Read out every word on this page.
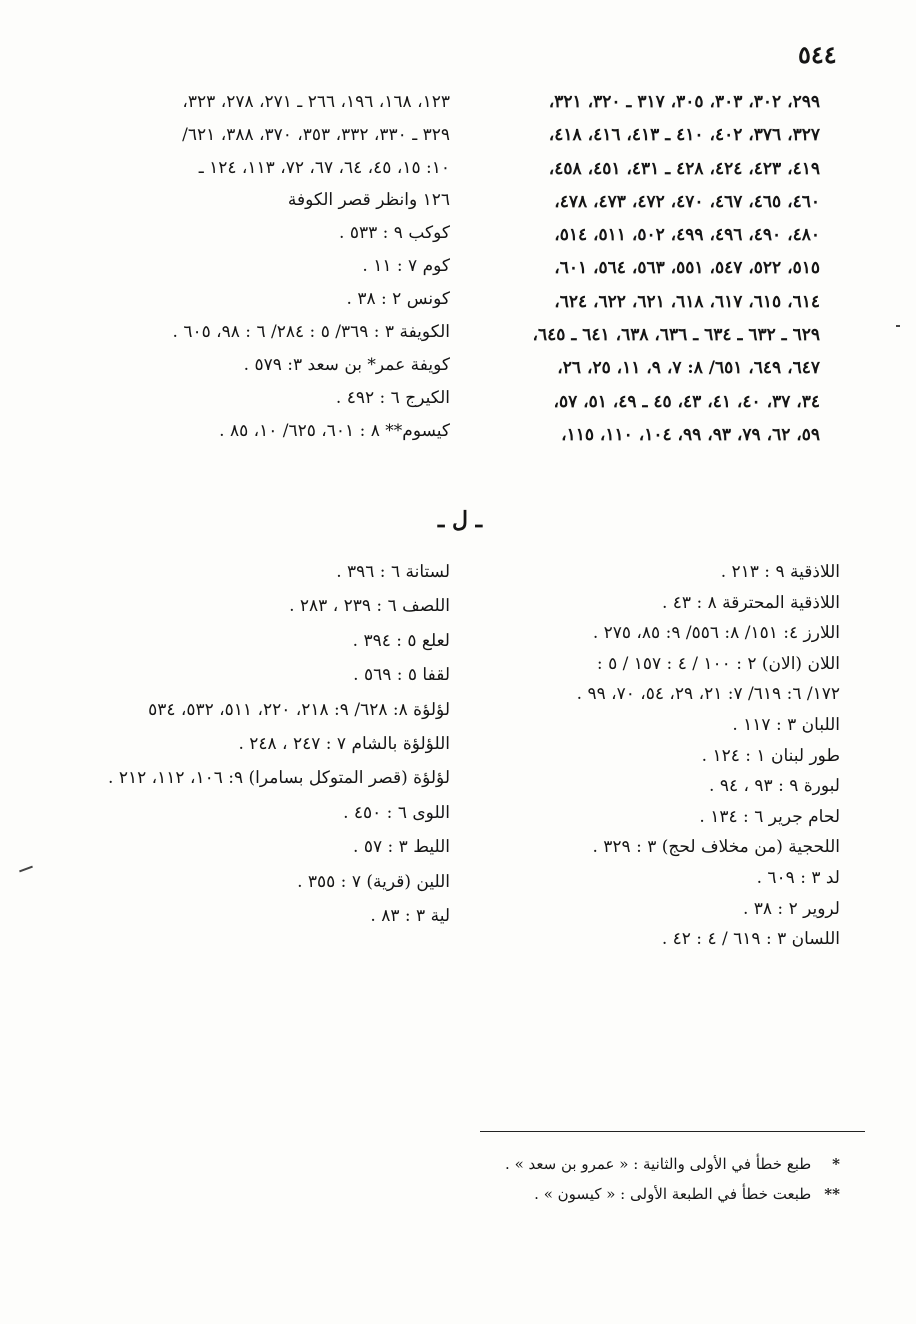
٥٤٤
٢٩٩، ٣٠٢، ٣٠٣، ٣٠٥، ٣١٧ ـ ٣٢٠، ٣٢١،
٣٢٧، ٣٧٦، ٤٠٢، ٤١٠ ـ ٤١٣، ٤١٦، ٤١٨،
٤١٩، ٤٢٣، ٤٢٤، ٤٢٨ ـ ٤٣١، ٤٥١، ٤٥٨،
٤٦٠، ٤٦٥، ٤٦٧، ٤٧٠، ٤٧٢، ٤٧٣، ٤٧٨،
٤٨٠، ٤٩٠، ٤٩٦، ٤٩٩، ٥٠٢، ٥١١، ٥١٤،
٥١٥، ٥٢٢، ٥٤٧، ٥٥١، ٥٦٣، ٥٦٤، ٦٠١،
٦١٤، ٦١٥، ٦١٧، ٦١٨، ٦٢١، ٦٢٢، ٦٢٤،
٦٢٩ ـ ٦٣٢ ـ ٦٣٤ ـ ٦٣٦، ٦٣٨، ٦٤١ ـ ٦٤٥،
٦٤٧، ٦٤٩، ٦٥١/ ٨: ٧، ٩، ١١، ٢٥، ٢٦،
٣٤، ٣٧، ٤٠، ٤١، ٤٣، ٤٥ ـ ٤٩، ٥١، ٥٧،
٥٩، ٦٢، ٧٩، ٩٣، ٩٩، ١٠٤، ١١٠، ١١٥،
١٢٣، ١٦٨، ١٩٦، ٢٦٦ ـ ٢٧١، ٢٧٨، ٣٢٣،
٣٢٩ ـ ٣٣٠، ٣٣٢، ٣٥٣، ٣٧٠، ٣٨٨، ٦٢١/
١٠: ١٥، ٤٥، ٦٤، ٦٧، ٧٢، ١١٣، ١٢٤ ـ
١٢٦ وانظر قصر الكوفة
كوكب ٩ : ٥٣٣ .
كوم ٧ : ١١ .
كونس ٢ : ٣٨ .
الكويفة ٣ : ٣٦٩/ ٥ : ٢٨٤/ ٦ : ٩٨، ٦٠٥ .
كويفة عمر* بن سعد ٣: ٥٧٩ .
الكيرج ٦ : ٤٩٢ .
كيسوم** ٨ : ٦٠١، ٦٢٥/ ١٠، ٨٥ .
ـ ل ـ
اللاذقية ٩ : ٢١٣ .
اللاذقية المحترقة ٨ : ٤٣ .
اللارز ٤: ١٥١/ ٨: ٥٥٦/ ٩: ٨٥، ٢٧٥ .
اللان (الان) ٢ : ١٠٠ / ٤ : ١٥٧ / ٥ :
١٧٢/ ٦: ٦١٩/ ٧: ٢١، ٢٩، ٥٤، ٧٠، ٩٩ .
اللبان ٣ : ١١٧ .
طور لبنان ١ : ١٢٤ .
لبورة ٩ : ٩٣ ، ٩٤ .
لحام جرير ٦ : ١٣٤ .
اللحجية (من مخلاف لحج) ٣ : ٣٢٩ .
لد ٣ : ٦٠٩ .
لروير ٢ : ٣٨ .
اللسان ٣ : ٦١٩ / ٤ : ٤٢ .
لستانة ٦ : ٣٩٦ .
اللصف ٦ : ٢٣٩ ، ٢٨٣ .
لعلع ٥ : ٣٩٤ .
لقفا ٥ : ٥٦٩ .
لؤلؤة ٨: ٦٢٨/ ٩: ٢١٨، ٢٢٠، ٥١١، ٥٣٢، ٥٣٤
اللؤلؤة بالشام ٧ : ٢٤٧ ، ٢٤٨ .
لؤلؤة (قصر المتوكل بسامرا) ٩: ١٠٦، ١١٢، ٢١٢ .
اللوى ٦ : ٤٥٠ .
الليط ٣ : ٥٧ .
اللين (قرية) ٧ : ٣٥٥ .
لية ٣ : ٨٣ .
* طبع خطأ في الأولى والثانية : « عمرو بن سعد » .
** طبعت خطأ في الطبعة الأولى : « كيسون » .
